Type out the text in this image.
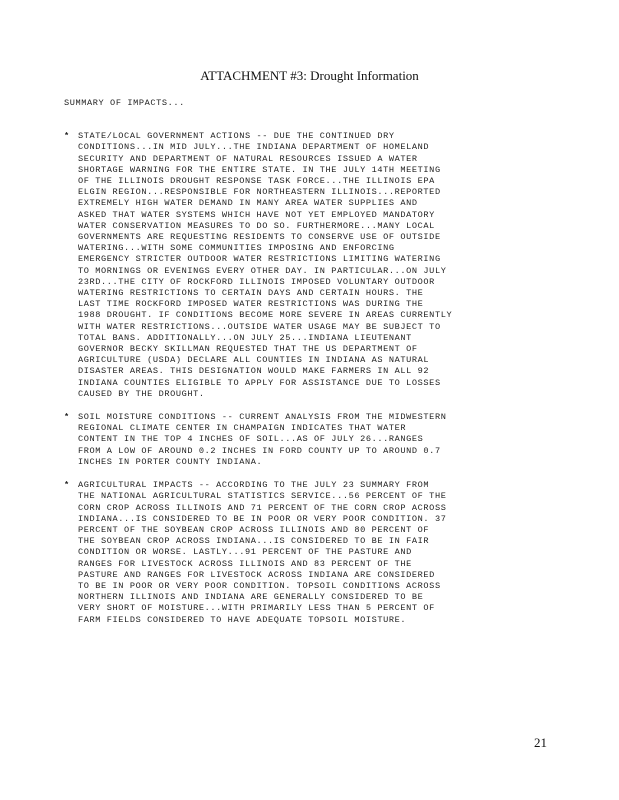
ATTACHMENT #3: Drought Information
SUMMARY OF IMPACTS...
* STATE/LOCAL GOVERNMENT ACTIONS -- DUE THE CONTINUED DRY
CONDITIONS...IN MID JULY...THE INDIANA DEPARTMENT OF HOMELAND
SECURITY AND DEPARTMENT OF NATURAL RESOURCES ISSUED A WATER
SHORTAGE WARNING FOR THE ENTIRE STATE. IN THE JULY 14TH MEETING
OF THE ILLINOIS DROUGHT RESPONSE TASK FORCE...THE ILLINOIS EPA
ELGIN REGION...RESPONSIBLE FOR NORTHEASTERN ILLINOIS...REPORTED
EXTREMELY HIGH WATER DEMAND IN MANY AREA WATER SUPPLIES AND
ASKED THAT WATER SYSTEMS WHICH HAVE NOT YET EMPLOYED MANDATORY
WATER CONSERVATION MEASURES TO DO SO. FURTHERMORE...MANY LOCAL
GOVERNMENTS ARE REQUESTING RESIDENTS TO CONSERVE USE OF OUTSIDE
WATERING...WITH SOME COMMUNITIES IMPOSING AND ENFORCING
EMERGENCY STRICTER OUTDOOR WATER RESTRICTIONS LIMITING WATERING
TO MORNINGS OR EVENINGS EVERY OTHER DAY. IN PARTICULAR...ON JULY
23RD...THE CITY OF ROCKFORD ILLINOIS IMPOSED VOLUNTARY OUTDOOR
WATERING RESTRICTIONS TO CERTAIN DAYS AND CERTAIN HOURS. THE
LAST TIME ROCKFORD IMPOSED WATER RESTRICTIONS WAS DURING THE
1988 DROUGHT. IF CONDITIONS BECOME MORE SEVERE IN AREAS CURRENTLY
WITH WATER RESTRICTIONS...OUTSIDE WATER USAGE MAY BE SUBJECT TO
TOTAL BANS. ADDITIONALLY...ON JULY 25...INDIANA LIEUTENANT
GOVERNOR BECKY SKILLMAN REQUESTED THAT THE US DEPARTMENT OF
AGRICULTURE (USDA) DECLARE ALL COUNTIES IN INDIANA AS NATURAL
DISASTER AREAS. THIS DESIGNATION WOULD MAKE FARMERS IN ALL 92
INDIANA COUNTIES ELIGIBLE TO APPLY FOR ASSISTANCE DUE TO LOSSES
CAUSED BY THE DROUGHT.
* SOIL MOISTURE CONDITIONS -- CURRENT ANALYSIS FROM THE MIDWESTERN
REGIONAL CLIMATE CENTER IN CHAMPAIGN INDICATES THAT WATER
CONTENT IN THE TOP 4 INCHES OF SOIL...AS OF JULY 26...RANGES
FROM A LOW OF AROUND 0.2 INCHES IN FORD COUNTY UP TO AROUND 0.7
INCHES IN PORTER COUNTY INDIANA.
* AGRICULTURAL IMPACTS -- ACCORDING TO THE JULY 23 SUMMARY FROM
THE NATIONAL AGRICULTURAL STATISTICS SERVICE...56 PERCENT OF THE
CORN CROP ACROSS ILLINOIS AND 71 PERCENT OF THE CORN CROP ACROSS
INDIANA...IS CONSIDERED TO BE IN POOR OR VERY POOR CONDITION. 37
PERCENT OF THE SOYBEAN CROP ACROSS ILLINOIS AND 80 PERCENT OF
THE SOYBEAN CROP ACROSS INDIANA...IS CONSIDERED TO BE IN FAIR
CONDITION OR WORSE. LASTLY...91 PERCENT OF THE PASTURE AND
RANGES FOR LIVESTOCK ACROSS ILLINOIS AND 83 PERCENT OF THE
PASTURE AND RANGES FOR LIVESTOCK ACROSS INDIANA ARE CONSIDERED
TO BE IN POOR OR VERY POOR CONDITION. TOPSOIL CONDITIONS ACROSS
NORTHERN ILLINOIS AND INDIANA ARE GENERALLY CONSIDERED TO BE
VERY SHORT OF MOISTURE...WITH PRIMARILY LESS THAN 5 PERCENT OF
FARM FIELDS CONSIDERED TO HAVE ADEQUATE TOPSOIL MOISTURE.
21
